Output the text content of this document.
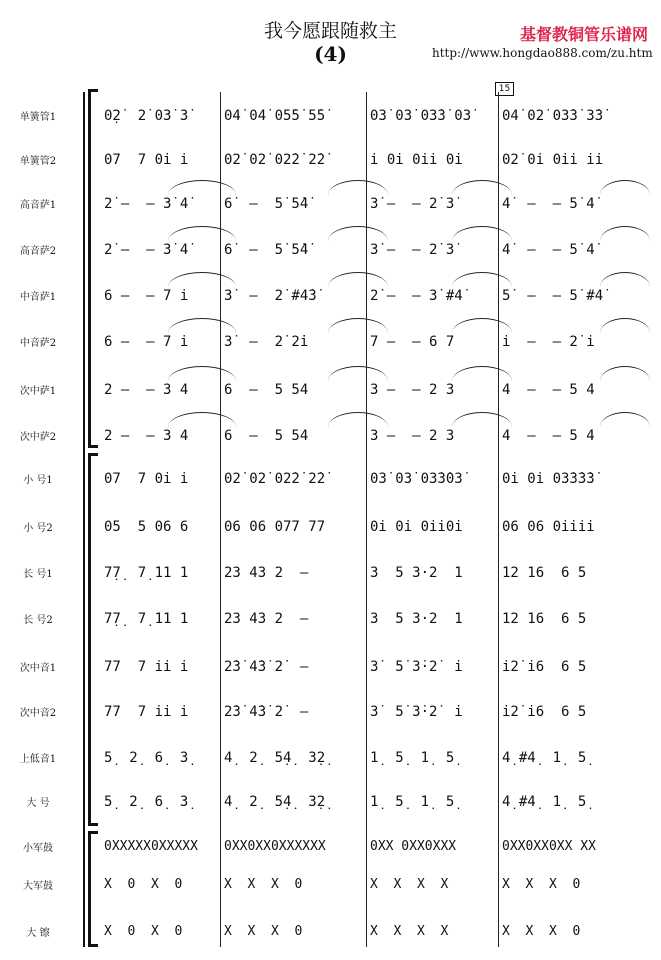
我今愿跟随救主
(4)
基督教铜管乐谱网
http://www.hongdao888.com/zu.htm
15
单簧管1	0̣2̇  2̇ 03̇ 3̇	04̇ 04̇ 05̇5̇ 5̇5̇	03̇ 03̇ 03̇3̇ 03̇	04̇ 02̇ 03̇3̇ 3̇3̇
单簧管2	07  7 0i i	02̇ 02̇ 02̇2̇ 2̇2̇	i 0i 0ii 0i	02̇ 0i 0ii ii
高音萨1	2̇ –  – 3̇ 4̇	6̇  –  5̇ 5̇4̇	3̇ –  – 2̇ 3̇	4̇  –  – 5̇ 4̇
高音萨2	2̇ –  – 3̇ 4̇	6̇  –  5̇ 5̇4̇	3̇ –  – 2̇ 3̇	4̇  –  – 5̇ 4̇
中音萨1	6 –  – 7 i	3̇  –  2̇ #4̇3̇	2̇ –  – 3̇ #4̇	5̇  –  – 5̇ #4̇
中音萨2	6 –  – 7 i	3̇  –  2̇ 2̇i	7 –  – 6 7	i  –  – 2̇ i
次中萨1	2 –  – 3 4	6  –  5 54	3 –  – 2 3	4  –  – 5 4
次中萨2	2 –  – 3 4	6  –  5 54	3 –  – 2 3	4  –  – 5 4
小 号1	07  7 0i i	02̇ 02̇ 02̇2̇ 2̇2̇	03̇ 03̇ 03̇3̇03̇	0i 0i 03̇3̇3̇3̇
小 号2	05  5 06 6	06 06 077 77	0i 0i 0ii0i	06 06 0iiii
长 号1	7̣7̣  7̣ 11 1	23 43 2  –	3  5 3·2  1	12 16  6 5
长 号2	7̣7̣  7̣ 11 1	23 43 2  –	3  5 3·2  1	12 16  6 5
次中音1	77  7 ii i	2̇3̇ 4̇3̇ 2̇  –	3̇  5̇ 3̇·2̇  i	i2̇ i6  6 5
次中音2	77  7 ii i	2̇3̇ 4̇3̇ 2̇  –	3̇  5̇ 3̇·2̇  i	i2̇ i6  6 5
上低音1	5̣  2̣  6̣  3̣	4̣  2̣  5̣4̣  3̣2̣	1̣  5̣  1̣  5̣	4̣ #4̣  1̣  5̣
大 号	5̣  2̣  6̣  3̣	4̣  2̣  5̣4̣  3̣2̣	1̣  5̣  1̣  5̣	4̣ #4̣  1̣  5̣
小军鼓	0XXXXX0XXXXX	0XX0XX0XXXXXX	0XX 0XX0XXX	0XX0XX0XX XX
大军鼓	X  0  X  0	X  X  X  0	X  X  X  X	X  X  X  0
大 镲	X  0  X  0	X  X  X  0	X  X  X  X	X  X  X  0
